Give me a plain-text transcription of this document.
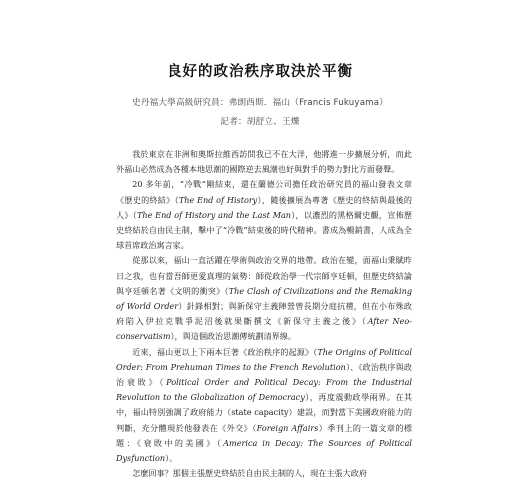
良好的政治秩序取決於平衡
史丹福大學高級研究員：弗朗西斯．福山（Francis Fukuyama）
記者：胡舒立、王爍

我於東京在非洲和奧斯拉維西訪問我已不在大洋，他將進一步擴展分析，而此外福山必然成為各種本地思潮的國際逆去風潮也好與對手的勢力對比方面發聲。

20 多年前，“冷戰”剛結束，還在蘭德公司擔任政治研究員的福山發表文章《歷史的終結》（The End of History），隨後擴展為專著《歷史的終結與最後的人》（The End of History and the Last Man），以濃烈的黑格爾史觀，宣佈歷史終結於自由民主制，擊中了“冷戰”結束後的時代精神。書成為暢銷書，人成為全球首席政治寓言家。

從那以來，福山一直活躍在學術與政治交界的地帶。政治在變，面福山秉賦昨日之我，也有當吾師更愛真理的氣勢：師從政治學一代宗師亨廷頓，但歷史終結論與亨廷頓名著《文明的衝突》（The Clash of Civilizations and the Remaking of World Order）針鋒相對；與新保守主義陣營曾長期分庭抗禮，但在小布殊政府陷入伊拉克戰爭泥沼後就果斷撰文《新保守主義之後》（After Neo-conservatism），與這個政治思潮傳統劃清界線。

近來，福山更以上下兩本巨著《政治秩序的起源》（The Origins of Political Order: From Prehuman Times to the French Revolution）、《政治秩序與政治衰敗》（Political Order and Political Decay: From the Industrial Revolution to the Globalization of Democracy），再度震動政學兩界。在其中，福山特別強調了政府能力（state capacity）建設，而對當下美國政府能力的判斷，充分體現於他發表在《外交》（Foreign Affairs）季刊上的一篇文章的標題：《衰敗中的美國》（America in Decay: The Sources of Political Dysfunction）。

怎麼回事？那個主張歷史終結於自由民主制的人，現在主張大政府
